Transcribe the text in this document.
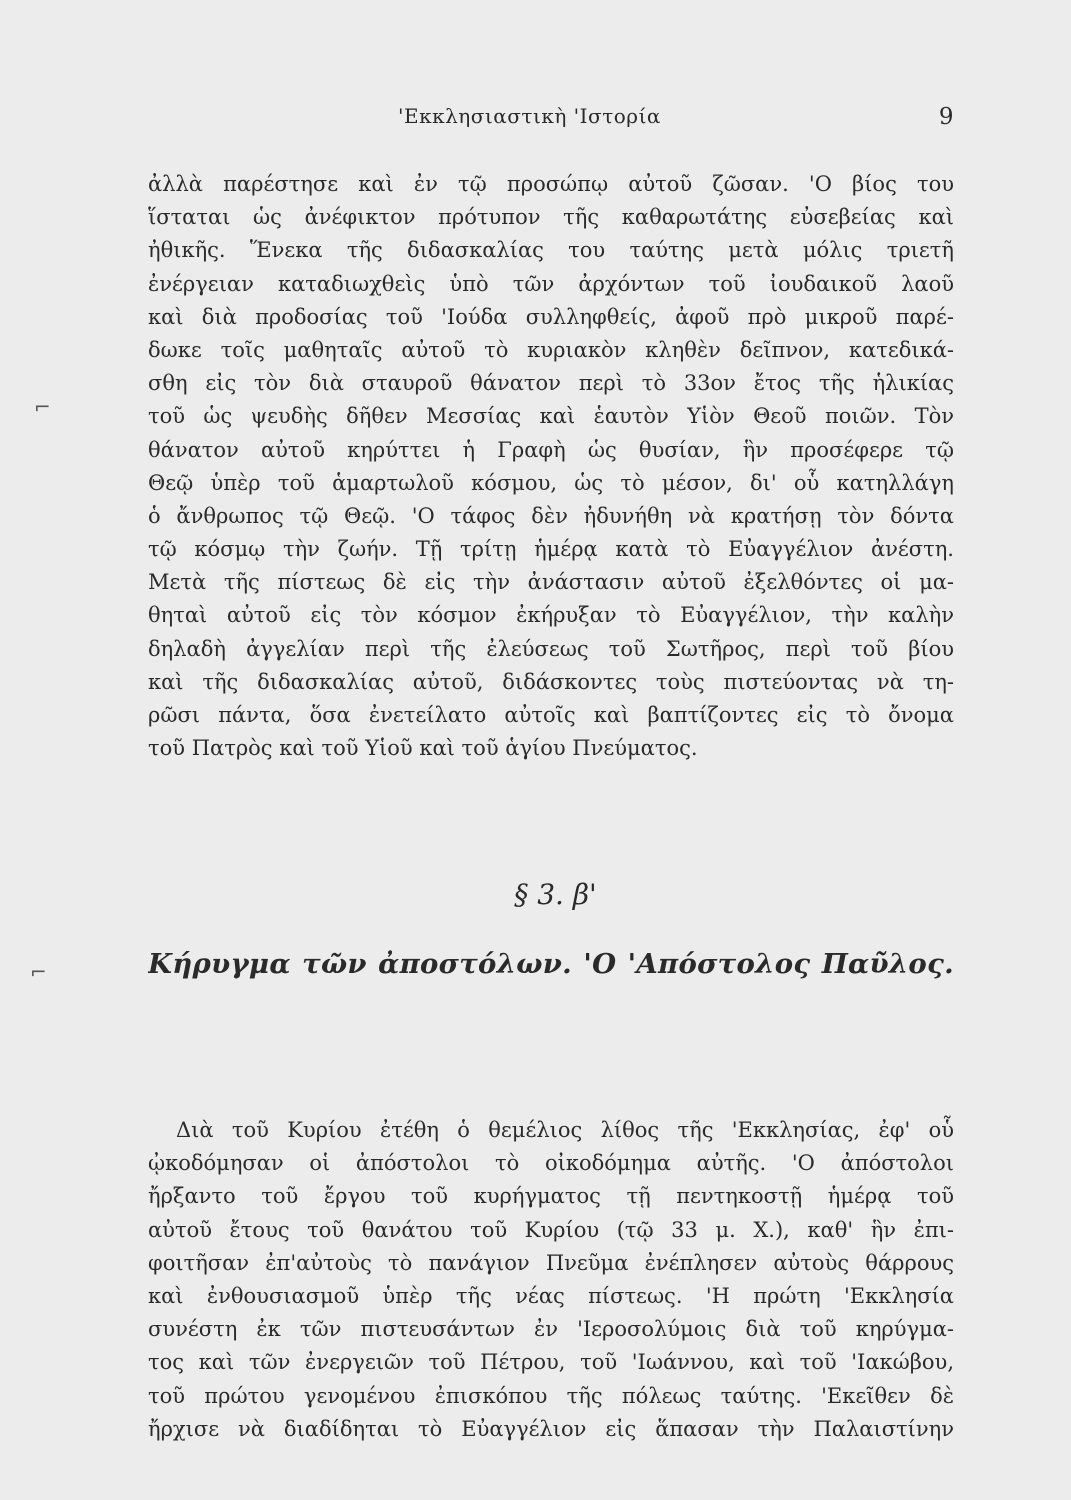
'Εκκλησιαστικὴ 'Ιστορία	9
⌐
⌐
ἀλλὰ παρέστησε καὶ ἐν τῷ προσώπῳ αὐτοῦ ζῶσαν. 'Ο βίος του
ἵσταται ὡς ἀνέφικτον πρότυπον τῆς καθαρωτάτης εὐσεβείας καὶ
ἠθικῆς. Ἕνεκα τῆς διδασκαλίας του ταύτης μετὰ μόλις τριετῆ
ἐνέργειαν καταδιωχθεὶς ὑπὸ τῶν ἀρχόντων τοῦ ἰουδαικοῦ λαοῦ
καὶ διὰ προδοσίας τοῦ 'Ιούδα συλληφθείς, ἀφοῦ πρὸ μικροῦ παρέ-
δωκε τοῖς μαθηταῖς αὐτοῦ τὸ κυριακὸν κληθὲν δεῖπνον, κατεδικά-
σθη εἰς τὸν διὰ σταυροῦ θάνατον περὶ τὸ 33ον ἔτος τῆς ἡλικίας
τοῦ ὡς ψευδὴς δῆθεν Μεσσίας καὶ ἑαυτὸν Υἱὸν Θεοῦ ποιῶν. Τὸν
θάνατον αὐτοῦ κηρύττει ἡ Γραφὴ ὡς θυσίαν, ἣν προσέφερε τῷ
Θεῷ ὑπὲρ τοῦ ἁμαρτωλοῦ κόσμου, ὡς τὸ μέσον, δι' οὗ κατηλλάγη
ὁ ἄνθρωπος τῷ Θεῷ. 'Ο τάφος δὲν ἠδυνήθη νὰ κρατήσῃ τὸν δόντα
τῷ κόσμῳ τὴν ζωήν. Τῇ τρίτῃ ἡμέρᾳ κατὰ τὸ Εὐαγγέλιον ἀνέστη.
Μετὰ τῆς πίστεως δὲ εἰς τὴν ἀνάστασιν αὐτοῦ ἐξελθόντες οἱ μα-
θηταὶ αὐτοῦ εἰς τὸν κόσμον ἐκήρυξαν τὸ Εὐαγγέλιον, τὴν καλὴν
δηλαδὴ ἀγγελίαν περὶ τῆς ἐλεύσεως τοῦ Σωτῆρος, περὶ τοῦ βίου
καὶ τῆς διδασκαλίας αὐτοῦ, διδάσκοντες τοὺς πιστεύοντας νὰ τη-
ρῶσι πάντα, ὅσα ἐνετείλατο αὐτοῖς καὶ βαπτίζοντες εἰς τὸ ὄνομα
τοῦ Πατρὸς καὶ τοῦ Υἱοῦ καὶ τοῦ ἁγίου Πνεύματος.
§ 3. β'
Κήρυγμα τῶν ἀποστόλων. 'Ο 'Απόστολος Παῦλος.
Διὰ τοῦ Κυρίου ἐτέθη ὁ θεμέλιος λίθος τῆς 'Εκκλησίας, ἐφ' οὗ
ᾠκοδόμησαν οἱ ἀπόστολοι τὸ οἰκοδόμημα αὐτῆς. 'Ο ἀπόστολοι
ἤρξαντο τοῦ ἔργου τοῦ κυρήγματος τῇ πεντηκοστῇ ἡμέρᾳ τοῦ
αὐτοῦ ἔτους τοῦ θανάτου τοῦ Κυρίου (τῷ 33 μ. Χ.), καθ' ἣν ἐπι-
φοιτῆσαν ἐπ'αὐτοὺς τὸ πανάγιον Πνεῦμα ἐνέπλησεν αὐτοὺς θάρρους
καὶ ἐνθουσιασμοῦ ὑπὲρ τῆς νέας πίστεως. 'Η πρώτη 'Εκκλησία
συνέστη ἐκ τῶν πιστευσάντων ἐν 'Ιεροσολύμοις διὰ τοῦ κηρύγμα-
τος καὶ τῶν ἐνεργειῶν τοῦ Πέτρου, τοῦ 'Ιωάννου, καὶ τοῦ 'Ιακώβου,
τοῦ πρώτου γενομένου ἐπισκόπου τῆς πόλεως ταύτης. 'Εκεῖθεν δὲ
ἤρχισε νὰ διαδίδηται τὸ Εὐαγγέλιον εἰς ἅπασαν τὴν Παλαιστίνην
